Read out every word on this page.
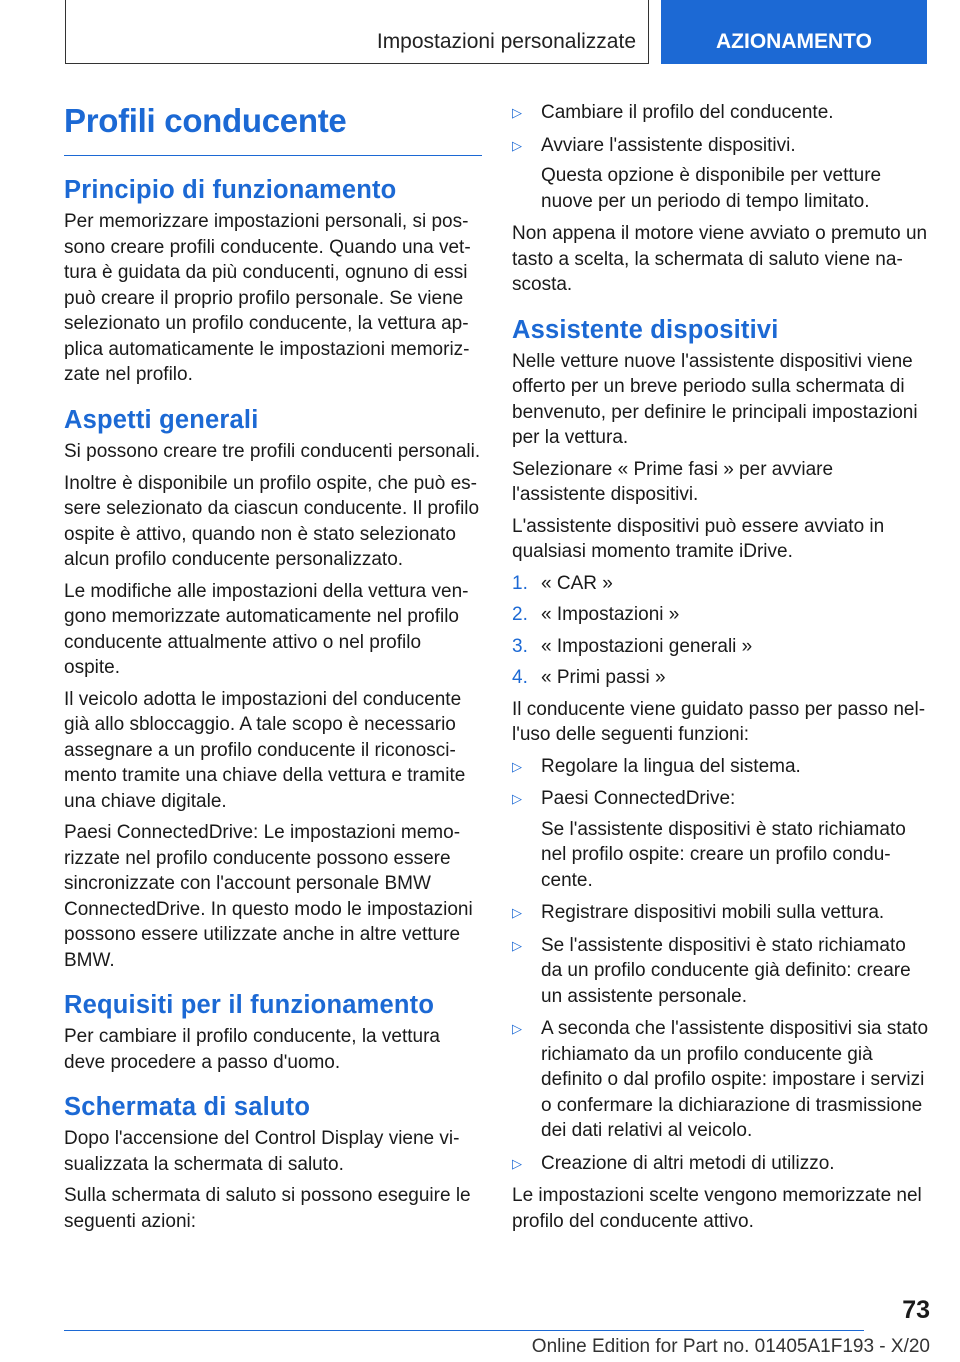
Impostazioni personalizzate	AZIONAMENTO
Profili conducente
Principio di funzionamento

Per memorizzare impostazioni personali, si possono creare profili conducente. Quando una vettura è guidata da più conducenti, ognuno di essi può creare il proprio profilo personale. Se viene selezionato un profilo conducente, la vettura applica automaticamente le impostazioni memorizzate nel profilo.

Aspetti generali

Si possono creare tre profili conducenti personali.

Inoltre è disponibile un profilo ospite, che può essere selezionato da ciascun conducente. Il profilo ospite è attivo, quando non è stato selezionato alcun profilo conducente personalizzato.

Le modifiche alle impostazioni della vettura vengono memorizzate automaticamente nel profilo conducente attualmente attivo o nel profilo ospite.

Il veicolo adotta le impostazioni del conducente già allo sbloccaggio. A tale scopo è necessario assegnare a un profilo conducente il riconoscimento tramite una chiave della vettura e tramite una chiave digitale.

Paesi ConnectedDrive: Le impostazioni memorizzate nel profilo conducente possono essere sincronizzate con l'account personale BMW ConnectedDrive. In questo modo le impostazioni possono essere utilizzate anche in altre vetture BMW.

Requisiti per il funzionamento

Per cambiare il profilo conducente, la vettura deve procedere a passo d'uomo.

Schermata di saluto

Dopo l'accensione del Control Display viene visualizzata la schermata di saluto.

Sulla schermata di saluto si possono eseguire le seguenti azioni:

▷	Cambiare il profilo del conducente.
▷	Avviare l'assistente dispositivi.
Questa opzione è disponibile per vetture nuove per un periodo di tempo limitato.

Non appena il motore viene avviato o premuto un tasto a scelta, la schermata di saluto viene nascosta.

Assistente dispositivi

Nelle vetture nuove l'assistente dispositivi viene offerto per un breve periodo sulla schermata di benvenuto, per definire le principali impostazioni per la vettura.

Selezionare « Prime fasi » per avviare l'assistente dispositivi.

L'assistente dispositivi può essere avviato in qualsiasi momento tramite iDrive.

1. « CAR »
2. « Impostazioni »
3. « Impostazioni generali »
4. « Primi passi »

Il conducente viene guidato passo per passo nell'uso delle seguenti funzioni:

▷	Regolare la lingua del sistema.
▷	Paesi ConnectedDrive:
Se l'assistente dispositivi è stato richiamato nel profilo ospite: creare un profilo conducente.
▷	Registrare dispositivi mobili sulla vettura.
▷	Se l'assistente dispositivi è stato richiamato da un profilo conducente già definito: creare un assistente personale.
▷	A seconda che l'assistente dispositivi sia stato richiamato da un profilo conducente già definito o dal profilo ospite: impostare i servizi o confermare la dichiarazione di trasmissione dei dati relativi al veicolo.
▷	Creazione di altri metodi di utilizzo.

Le impostazioni scelte vengono memorizzate nel profilo del conducente attivo.

73
Online Edition for Part no. 01405A1F193 - X/20
